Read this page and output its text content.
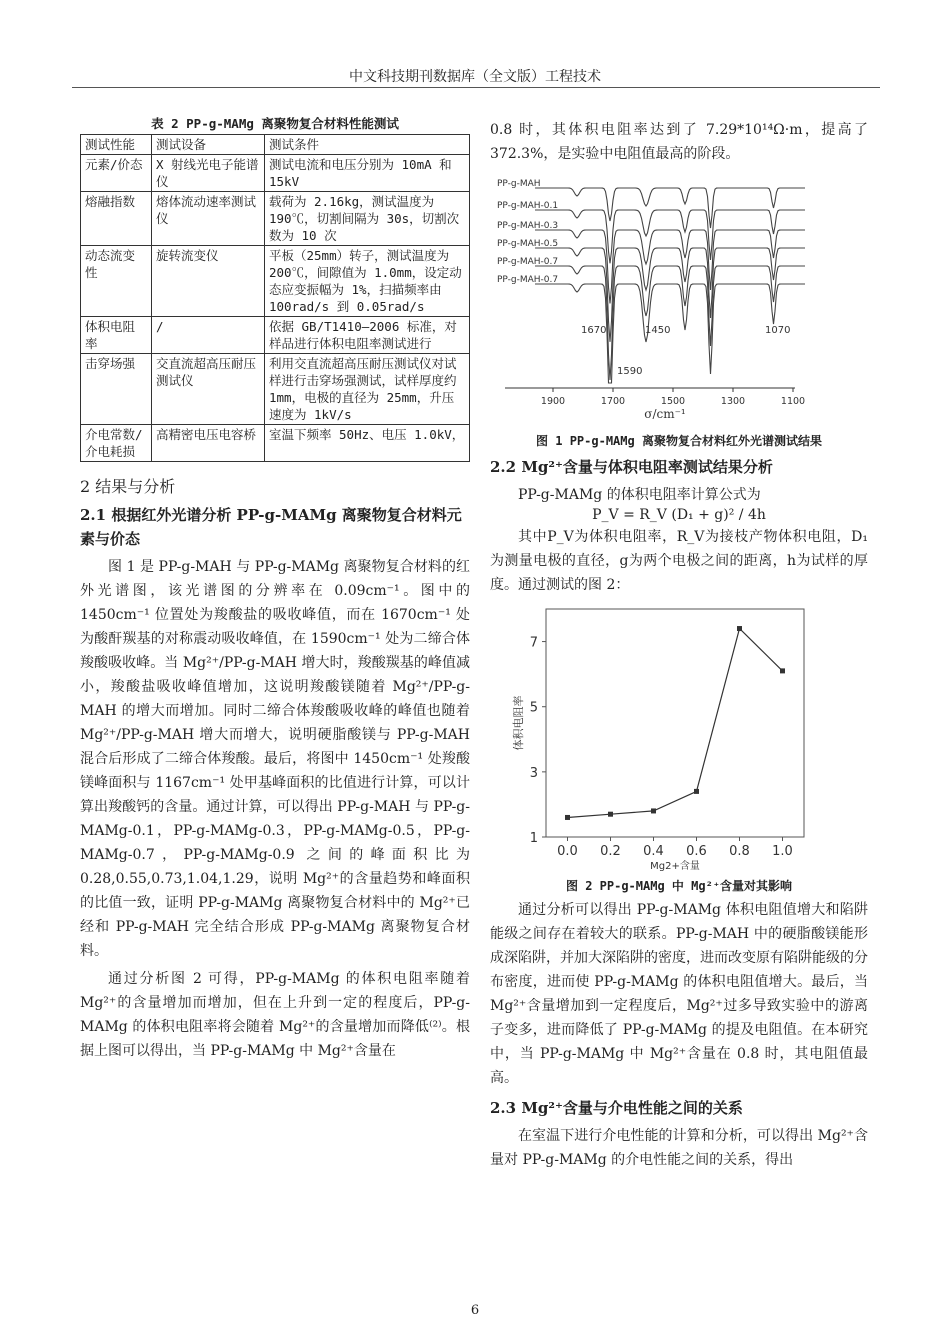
中文科技期刊数据库（全文版）工程技术
表 2 PP-g-MAMg 离聚物复合材料性能测试
测试性能	测试设备	测试条件
元素/价态	X 射线光电子能谱仪	测试电流和电压分别为 10mA 和 15kV
熔融指数	熔体流动速率测试仪	载荷为 2.16kg，测试温度为 190℃，切割间隔为 30s，切割次数为 10 次
动态流变性	旋转流变仪	平板（25mm）转子，测试温度为 200℃，间隙值为 1.0mm，设定动态应变振幅为 1%，扫描频率由 100rad/s 到 0.05rad/s
体积电阻率	/	依据 GB/T1410—2006 标准，对样品进行体积电阻率测试进行
击穿场强	交直流超高压耐压测试仪	利用交直流超高压耐压测试仪对试样进行击穿场强测试，试样厚度约 1mm，电极的直径为 25mm，升压速度为 1kV/s
介电常数/介电耗损	高精密电压电容桥	室温下频率 50Hz、电压 1.0kV，
2 结果与分析
2.1 根据红外光谱分析 PP-g-MAMg 离聚物复合材料元素与价态

图 1 是 PP-g-MAH 与 PP-g-MAMg 离聚物复合材料的红外光谱图，该光谱图的分辨率在 0.09cm⁻¹。图中的 1450cm⁻¹ 位置处为羧酸盐的吸收峰值，而在 1670cm⁻¹ 处为酸酐羰基的对称震动吸收峰值，在 1590cm⁻¹ 处为二缔合体羧酸吸收峰。当 Mg²⁺/PP-g-MAH 增大时，羧酸羰基的峰值减小，羧酸盐吸收峰值增加，这说明羧酸镁随着 Mg²⁺/PP-g-MAH 的增大而增加。同时二缔合体羧酸吸收峰的峰值也随着 Mg²⁺/PP-g-MAH 增大而增大，说明硬脂酸镁与 PP-g-MAH 混合后形成了二缔合体羧酸。最后，将图中 1450cm⁻¹ 处羧酸镁峰面积与 1167cm⁻¹ 处甲基峰面积的比值进行计算，可以计算出羧酸钙的含量。通过计算，可以得出 PP-g-MAH 与 PP-g-MAMg-0.1，PP-g-MAMg-0.3，PP-g-MAMg-0.5，PP-g-MAMg-0.7，PP-g-MAMg-0.9 之间的峰面积比为 0.28,0.55,0.73,1.04,1.29，说明 Mg²⁺的含量趋势和峰面积的比值一致，证明 PP-g-MAMg 离聚物复合材料中的 Mg²⁺已经和 PP-g-MAH 完全结合形成 PP-g-MAMg 离聚物复合材料。

通过分析图 2 可得，PP-g-MAMg 的体积电阻率随着 Mg²⁺的含量增加而增加，但在上升到一定的程度后，PP-g-MAMg 的体积电阻率将会随着 Mg²⁺的含量增加而降低⁽²⁾。根据上图可以得出，当 PP-g-MAMg 中 Mg²⁺含量在

0.8 时，其体积电阻率达到了 7.29*10¹⁴Ω·m，提高了 372.3%，是实验中电阻值最高的阶段。

PP-g-MAH
PP-g-MAH-0.1
PP-g-MAH-0.3
PP-g-MAH-0.5
PP-g-MAH-0.7
PP-g-MAH-0.7
1670	1450	1070
1590
1900	1700	1500	1300	1100
σ/cm⁻¹
图 1 PP-g-MAMg 离聚物复合材料红外光谱测试结果
2.2 Mg²⁺含量与体积电阻率测试结果分析

PP-g-MAMg 的体积电阻率计算公式为

P_V = R_V (D₁ + g)² / 4h

其中P_V为体积电阻率，R_V为接枝产物体积电阻，D₁为测量电极的直径，g为两个电极之间的距离，h为试样的厚度。通过测试的图 2：

1
3
5
7
0.0 0.2 0.4 0.6 0.8 1.0
体积电阻率
Mg2+含量
图 2 PP-g-MAMg 中 Mg²⁺含量对其影响

通过分析可以得出 PP-g-MAMg 体积电阻值增大和陷阱能级之间存在着较大的联系。PP-g-MAH 中的硬脂酸镁能形成深陷阱，并加大深陷阱的密度，进而改变原有陷阱能级的分布密度，进而使 PP-g-MAMg 的体积电阻值增大。最后，当 Mg²⁺含量增加到一定程度后，Mg²⁺过多导致实验中的游离子变多，进而降低了 PP-g-MAMg 的提及电阻值。在本研究中，当 PP-g-MAMg 中 Mg²⁺含量在 0.8 时，其电阻值最高。

2.3 Mg²⁺含量与介电性能之间的关系

在室温下进行介电性能的计算和分析，可以得出 Mg²⁺含量对 PP-g-MAMg 的介电性能之间的关系，得出

6
